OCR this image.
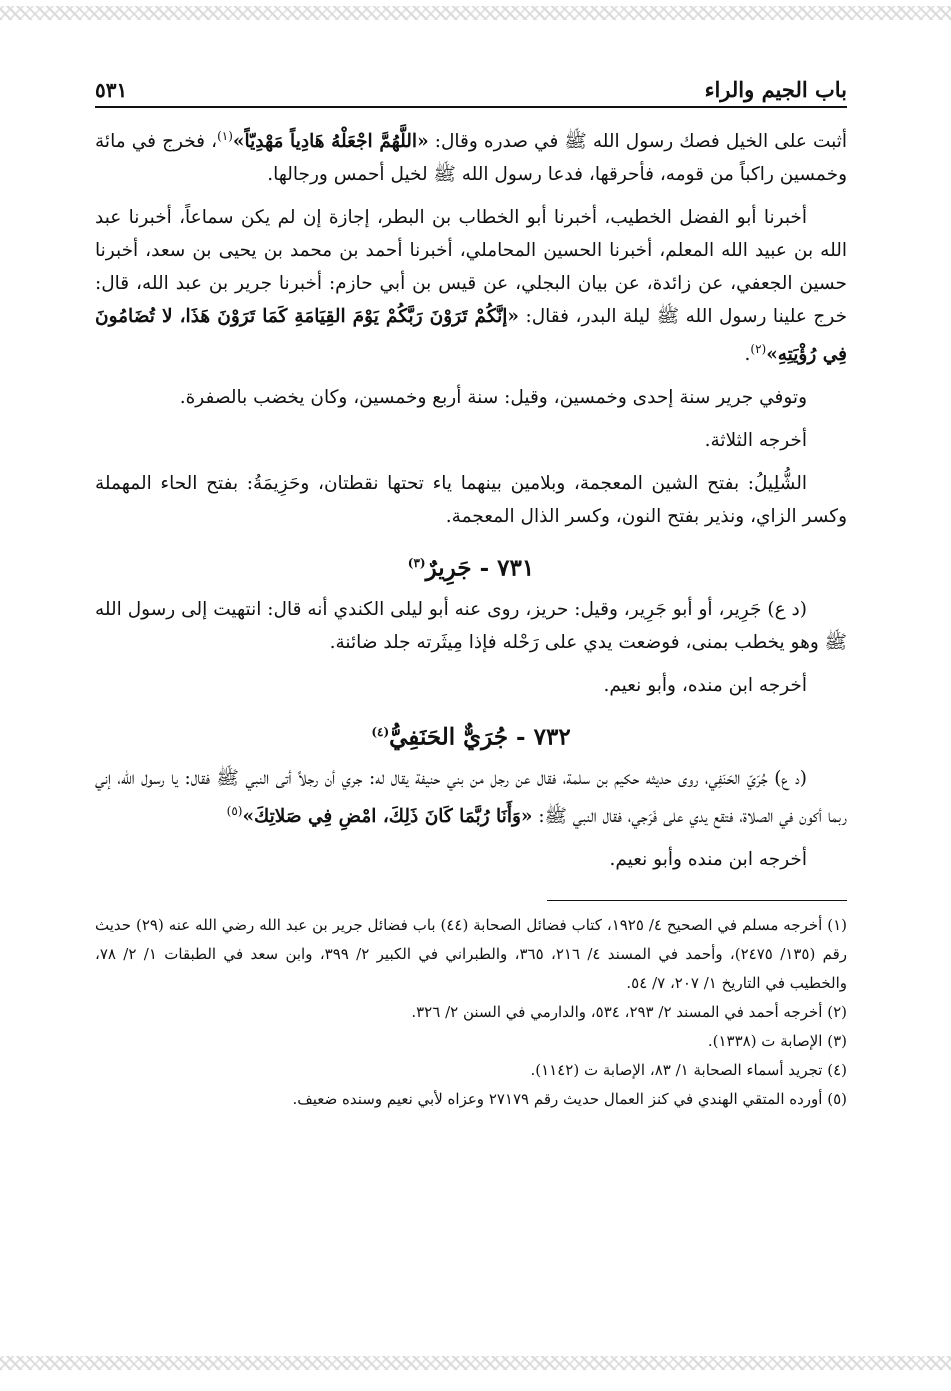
باب الجيم والراء
٥٣١

أثبت على الخيل فصك رسول الله ﷺ في صدره وقال: «اللَّهُمَّ اجْعَلْهُ هَادِياً مَهْدِيّاً»$^{(١)}$، فخرج في مائة وخمسين راكباً من قومه، فأحرقها، فدعا رسول الله ﷺ لخيل أحمس ورجالها.

أخبرنا أبو الفضل الخطيب، أخبرنا أبو الخطاب بن البطر، إجازة إن لم يكن سماعاً، أخبرنا عبد الله بن عبيد الله المعلم، أخبرنا الحسين المحاملي، أخبرنا أحمد بن محمد بن يحيى بن سعد، أخبرنا حسين الجعفي، عن زائدة، عن بيان البجلي، عن قيس بن أبي حازم: أخبرنا جرير بن عبد الله، قال: خرج علينا رسول الله ﷺ ليلة البدر، فقال: «إنَّكُمْ تَرَوْنَ رَبَّكُمْ يَوْمَ القِيَامَةِ كَمَا تَرَوْنَ هَذَا، لا تُضَامُونَ فِي رُؤْيَتِهِ»$^{(٢)}$.

وتوفي جرير سنة إحدى وخمسين، وقيل: سنة أربع وخمسين، وكان يخضب بالصفرة.

أخرجه الثلاثة.

الشُّلِيلُ: بفتح الشين المعجمة، وبلامين بينهما ياء تحتها نقطتان، وحَزِيمَةُ: بفتح الحاء المهملة وكسر الزاي، ونذير بفتح النون، وكسر الذال المعجمة.

٧٣١ - جَرِيرٌ$^{(٣)}$

(د ع) جَرِير، أو أبو جَرِير، وقيل: حريز، روى عنه أبو ليلى الكندي أنه قال: انتهيت إلى رسول الله ﷺ وهو يخطب بمنى، فوضعت يدي على رَحْله فإذا مِيثَرته جلد ضائنة.

أخرجه ابن منده، وأبو نعيم.

٧٣٢ - جُرَيٌّ الحَنَفِيُّ$^{(٤)}$

(د ع) جُرَيّ الحَنَفِي، روى حديثه حكيم بن سلمة، فقال عن رجل من بني حنيفة يقال له: جري أن رجلاً أتى النبي ﷺ فقال: يا رسول الله، إني ربما أكون في الصلاة، فتقع يدي على فَرَجي، فقال النبي ﷺ: «وَأَنَا رُبَّمَا كَانَ ذَلِكَ، امْضِ فِي صَلاتِكَ»$^{(٥)}$

أخرجه ابن منده وأبو نعيم.

(١) أخرجه مسلم في الصحيح ٤/ ١٩٢٥، كتاب فضائل الصحابة (٤٤) باب فضائل جرير بن عبد الله رضي الله عنه (٢٩) حديث رقم (١٣٥/ ٢٤٧٥)، وأحمد في المسند ٤/ ٢١٦، ٣٦٥، والطبراني في الكبير ٢/ ٣٩٩، وابن سعد في الطبقات ١/ ٢/ ٧٨، والخطيب في التاريخ ١/ ٢٠٧، ٧/ ٥٤.
(٢) أخرجه أحمد في المسند ٢/ ٢٩٣، ٥٣٤، والدارمي في السنن ٢/ ٣٢٦.
(٣) الإصابة ت (١٣٣٨).
(٤) تجريد أسماء الصحابة ١/ ٨٣، الإصابة ت (١١٤٢).
(٥) أورده المتقي الهندي في كنز العمال حديث رقم ٢٧١٧٩ وعزاه لأبي نعيم وسنده ضعيف.
